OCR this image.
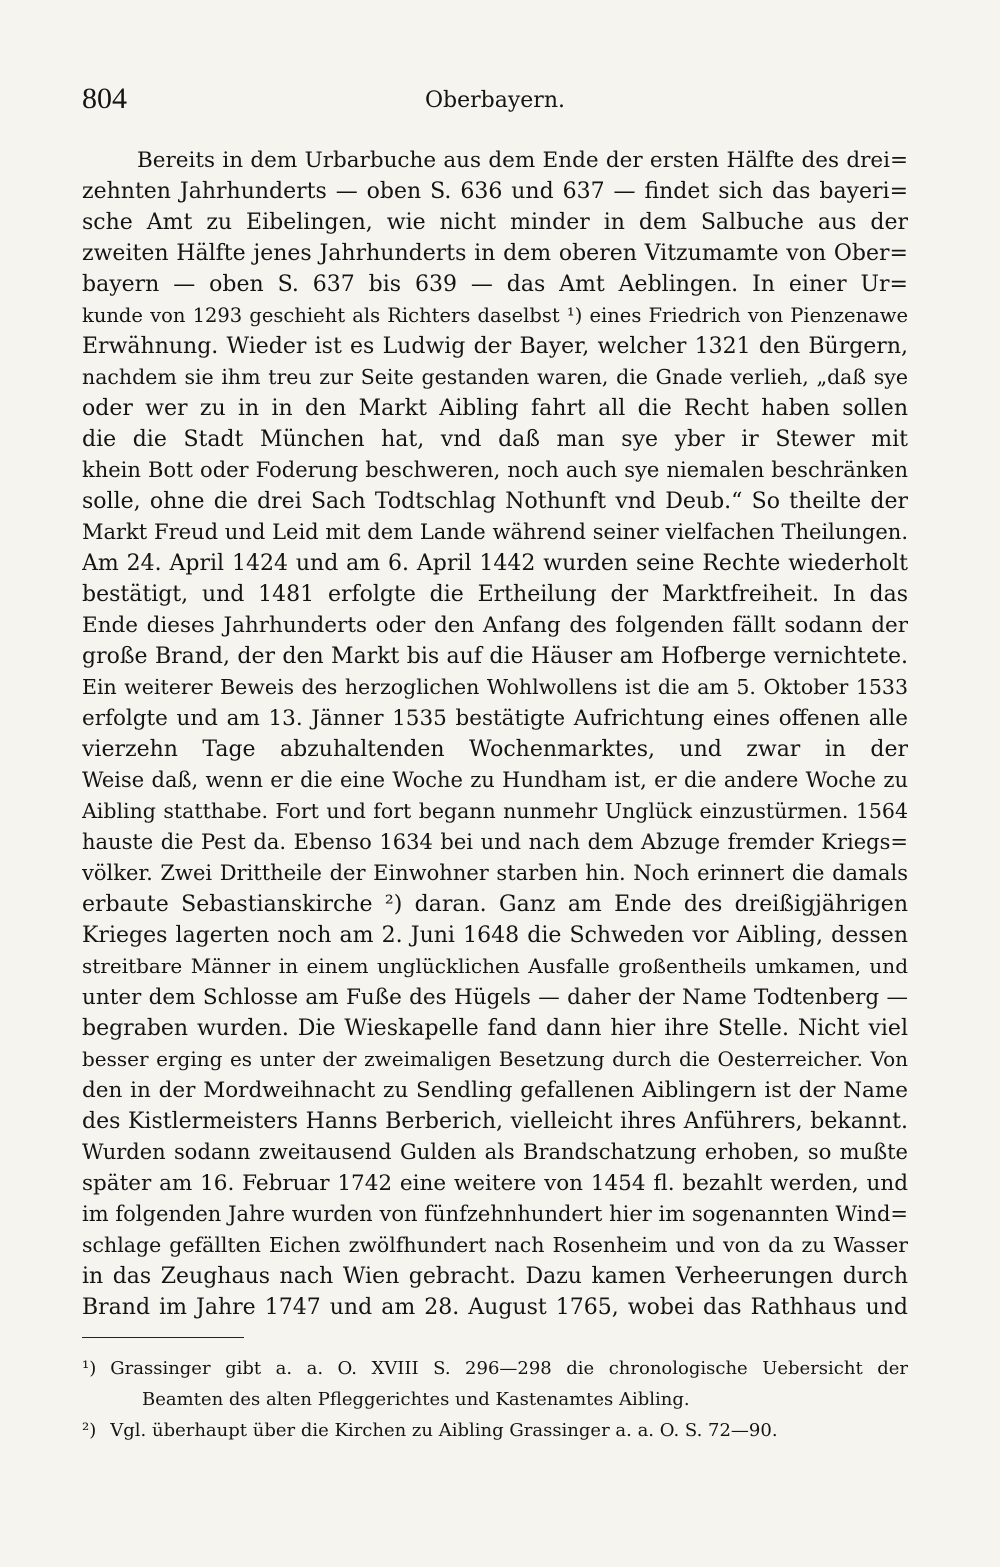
804	Oberbayern.
Bereits in dem Urbarbuche aus dem Ende der ersten Hälfte des drei=
zehnten Jahrhunderts — oben S. 636 und 637 — findet sich das bayeri=
sche Amt zu Eibelingen, wie nicht minder in dem Salbuche aus der
zweiten Hälfte jenes Jahrhunderts in dem oberen Vitzumamte von Ober=
bayern — oben S. 637 bis 639 — das Amt Aeblingen. In einer Ur=
kunde von 1293 geschieht als Richters daselbst ¹) eines Friedrich von Pienzenawe
Erwähnung. Wieder ist es Ludwig der Bayer, welcher 1321 den Bürgern,
nachdem sie ihm treu zur Seite gestanden waren, die Gnade verlieh, „daß sye
oder wer zu in in den Markt Aibling fahrt all die Recht haben sollen
die die Stadt München hat, vnd daß man sye yber ir Stewer mit
khein Bott oder Foderung beschweren, noch auch sye niemalen beschränken
solle, ohne die drei Sach Todtschlag Nothunft vnd Deub.“ So theilte der
Markt Freud und Leid mit dem Lande während seiner vielfachen Theilungen.
Am 24. April 1424 und am 6. April 1442 wurden seine Rechte wiederholt
bestätigt, und 1481 erfolgte die Ertheilung der Marktfreiheit. In das
Ende dieses Jahrhunderts oder den Anfang des folgenden fällt sodann der
große Brand, der den Markt bis auf die Häuser am Hofberge vernichtete.
Ein weiterer Beweis des herzoglichen Wohlwollens ist die am 5. Oktober 1533
erfolgte und am 13. Jänner 1535 bestätigte Aufrichtung eines offenen alle
vierzehn Tage abzuhaltenden Wochenmarktes, und zwar in der
Weise daß, wenn er die eine Woche zu Hundham ist, er die andere Woche zu
Aibling statthabe. Fort und fort begann nunmehr Unglück einzustürmen. 1564
hauste die Pest da. Ebenso 1634 bei und nach dem Abzuge fremder Kriegs=
völker. Zwei Drittheile der Einwohner starben hin. Noch erinnert die damals
erbaute Sebastianskirche ²) daran. Ganz am Ende des dreißigjährigen
Krieges lagerten noch am 2. Juni 1648 die Schweden vor Aibling, dessen
streitbare Männer in einem unglücklichen Ausfalle großentheils umkamen, und
unter dem Schlosse am Fuße des Hügels — daher der Name Todtenberg —
begraben wurden. Die Wieskapelle fand dann hier ihre Stelle. Nicht viel
besser erging es unter der zweimaligen Besetzung durch die Oesterreicher. Von
den in der Mordweihnacht zu Sendling gefallenen Aiblingern ist der Name
des Kistlermeisters Hanns Berberich, vielleicht ihres Anführers, bekannt.
Wurden sodann zweitausend Gulden als Brandschatzung erhoben, so mußte
später am 16. Februar 1742 eine weitere von 1454 fl. bezahlt werden, und
im folgenden Jahre wurden von fünfzehnhundert hier im sogenannten Wind=
schlage gefällten Eichen zwölfhundert nach Rosenheim und von da zu Wasser
in das Zeughaus nach Wien gebracht. Dazu kamen Verheerungen durch
Brand im Jahre 1747 und am 28. August 1765, wobei das Rathhaus und
¹) Grassinger gibt a. a. O. XVIII S. 296—298 die chronologische Uebersicht der
Beamten des alten Pfleggerichtes und Kastenamtes Aibling.
²) Vgl. überhaupt über die Kirchen zu Aibling Grassinger a. a. O. S. 72—90.
